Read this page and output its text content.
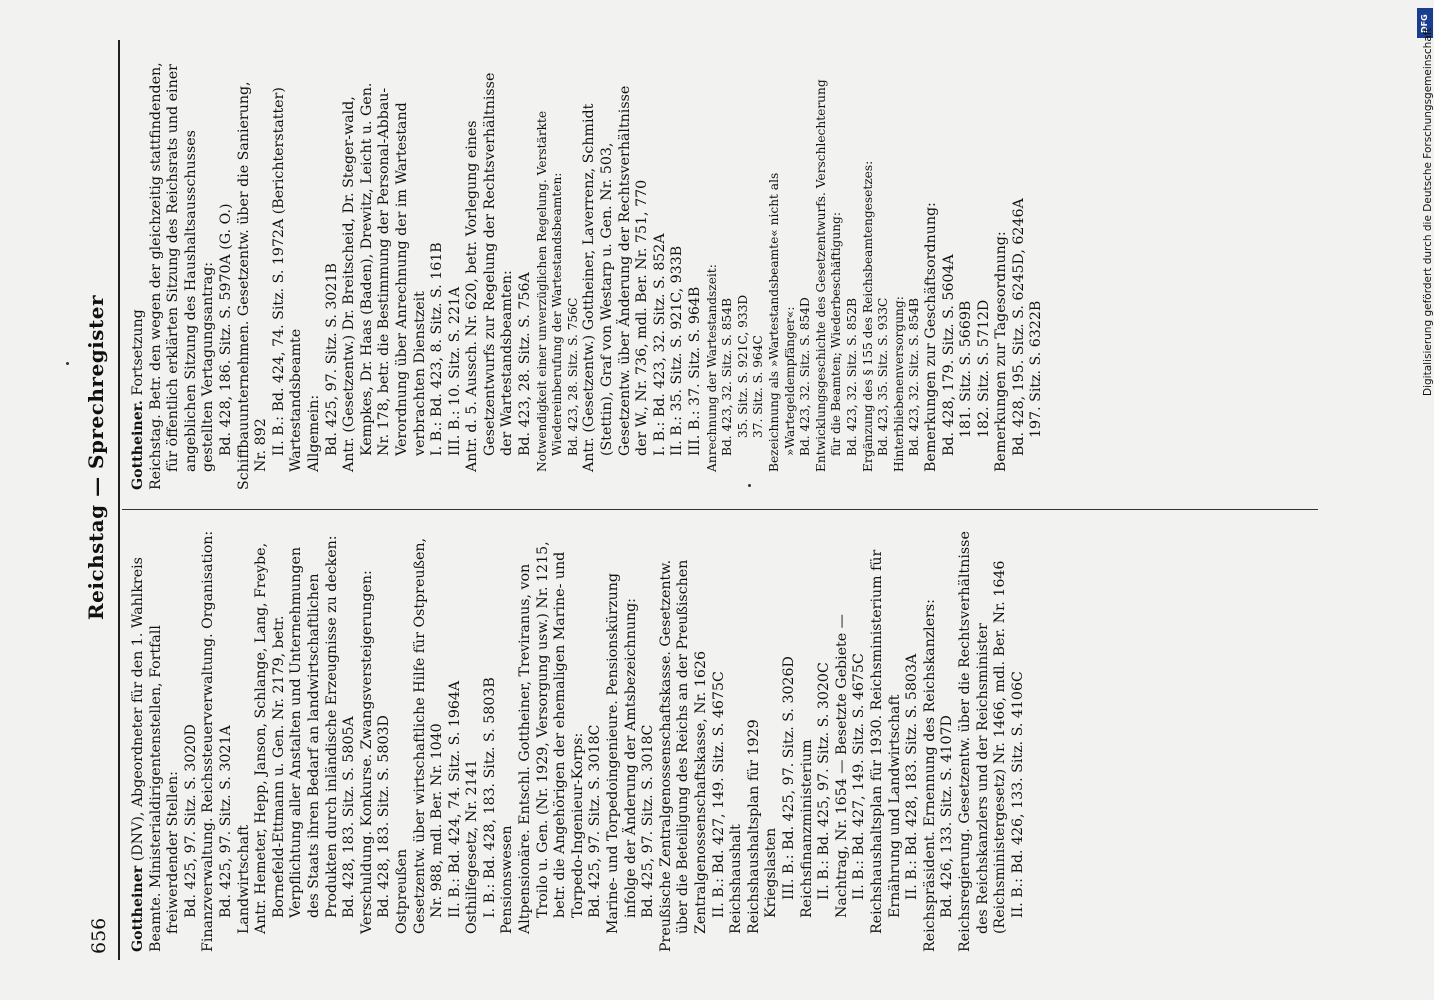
656
Reichstag — Sprechregister
Gottheiner (DNV), Abgeordneter für den 1. Wahlkreis Beamte. Ministerialdirigentenstellen, Fortfall freiwerdender Stellen: Bd. 425, 97. Sitz. S. 3020D Finanzverwaltung. Reichssteuerverwaltung. Organisation: Bd. 425, 97. Sitz. S. 3021A Landwirtschaft Antr. Hemeter, Hepp, Janson, Schlange, Lang, Freybe, Bornefeld-Ettmann u. Gen. Nr. 2179, betr. Verpflichtung aller Anstalten und Unternehmungen des Staats ihren Bedarf an landwirtschaftlichen Produkten durch inländische Erzeugnisse zu decken: Bd. 428, 183. Sitz. S. 5805A Verschuldung. Konkurse. Zwangsversteigerungen: Bd. 428, 183. Sitz. S. 5803D Ostpreußen Gesetzentw. über wirtschaftliche Hilfe für Ostpreußen, Nr. 988, mdl. Ber. Nr. 1040 II. B.: Bd. 424, 74. Sitz. S. 1964A Osthilfegesetz, Nr. 2141 I. B.: Bd. 428, 183. Sitz. S. 5803B Pensionswesen Altpensionäre. Entschl. Gottheiner, Treviranus, von Troilo u. Gen. (Nr. 1929, Versorgung usw.) Nr. 1215, betr. die Angehörigen der ehemaligen Marine- und Torpedo-Ingenieur-Korps: Bd. 425, 97. Sitz. S. 3018C Marine- und Torpedoingenieure. Pensionskürzung infolge der Änderung der Amtsbezeichnung: Bd. 425, 97. Sitz. S. 3018C Preußische Zentralgenossenschaftskasse. Gesetzentw. über die Beteiligung des Reichs an der Preußischen Zentralgenossenschaftskasse, Nr. 1626 II. B.: Bd. 427, 149. Sitz. S. 4675C Reichshaushalt Reichshaushaltsplan für 1929 Kriegslasten III. B.: Bd. 425, 97. Sitz. S. 3026D Reichsfinanzministerium II. B.: Bd. 425, 97. Sitz. S. 3020C Nachtrag, Nr. 1654 — Besetzte Gebiete — II. B.: Bd. 427, 149. Sitz. S. 4675C Reichshaushaltsplan für 1930. Reichsministerium für Ernährung und Landwirtschaft II. B.: Bd. 428, 183. Sitz. S. 5803A Reichspräsident. Ernennung des Reichskanzlers: Bd. 426, 133. Sitz. S. 4107D Reichsregierung. Gesetzentw. über die Rechtsverhältnisse des Reichskanzlers und der Reichsminister (Reichsministergesetz) Nr. 1466, mdl. Ber. Nr. 1646 II. B.: Bd. 426, 133. Sitz. S. 4106C
Gottheiner. Fortsetzung Reichstag. Betr. den wegen der gleichzeitig stattfindenden, für öffentlich erklärten Sitzung des Reichsrats und einer angeblichen Sitzung des Haushaltsausschusses gestellten Vertagungsantrag: Bd. 428, 186. Sitz. S. 5970A (G. O.) Schiffbauunternehmen. Gesetzentw. über die Sanierung, Nr. 892 II. B.: Bd. 424, 74. Sitz. S. 1972A (Berichterstatter) Wartestandsbeamte Allgemein: Bd. 425, 97. Sitz. S. 3021B Antr. (Gesetzentw.) Dr. Breitscheid, Dr. Steger-wald, Kempkes, Dr. Haas (Baden), Drewitz, Leicht u. Gen. Nr. 178, betr. die Bestimmung der Personal-Abbau-Verordnung über Anrechnung der im Wartestand verbrachten Dienstzeit I. B.: Bd. 423, 8. Sitz. S. 161B III. B.: 10. Sitz. S. 221A Antr. d. 5. Aussch. Nr. 620, betr. Vorlegung eines Gesetzentwurfs zur Regelung der Rechtsverhältnisse der Wartestandsbeamten: Bd. 423, 28. Sitz. S. 756A Notwendigkeit einer unverzüglichen Regelung. Verstärkte Wiedereinberufung der Wartestandsbeamten: Bd. 423, 28. Sitz. S. 756C Antr. (Gesetzentw.) Gottheiner, Laverrenz, Schmidt (Stettin), Graf von Westarp u. Gen. Nr. 503, Gesetzentw. über Änderung der Rechtsverhältnisse der W., Nr. 736, mdl. Ber. Nr. 751, 770 I. B.: Bd. 423, 32. Sitz. S. 852A II. B.: 35. Sitz. S. 921C, 933B III. B.: 37. Sitz. S. 964B Anrechnung der Wartestandszeit: Bd. 423, 32. Sitz. S. 854B 35. Sitz. S. 921C, 933D 37. Sitz. S. 964C Bezeichnung als »Wartestandsbeamte« nicht als »Wartegeldempfänger«: Bd. 423, 32. Sitz. S. 854D Entwicklungsgeschichte des Gesetzentwurfs. Verschlechterung für die Beamten; Wiederbeschäftigung: Bd. 423, 32. Sitz. S. 852B Ergänzung des § 155 des Reichsbeamtengesetzes: Bd. 423, 35. Sitz. S. 933C Hinterbliebenenversorgung: Bd. 423, 32. Sitz. S. 854B Bemerkungen zur Geschäftsordnung: Bd. 428, 179. Sitz. S. 5604A 181. Sitz. S. 5669B 182. Sitz. S. 5712D Bemerkungen zur Tagesordnung: Bd. 428, 195. Sitz. S. 6245D, 6246A 197. Sitz. S. 6322B
DFG
Digitalisierung gefördert durch die Deutsche Forschungsgemeinschaft
